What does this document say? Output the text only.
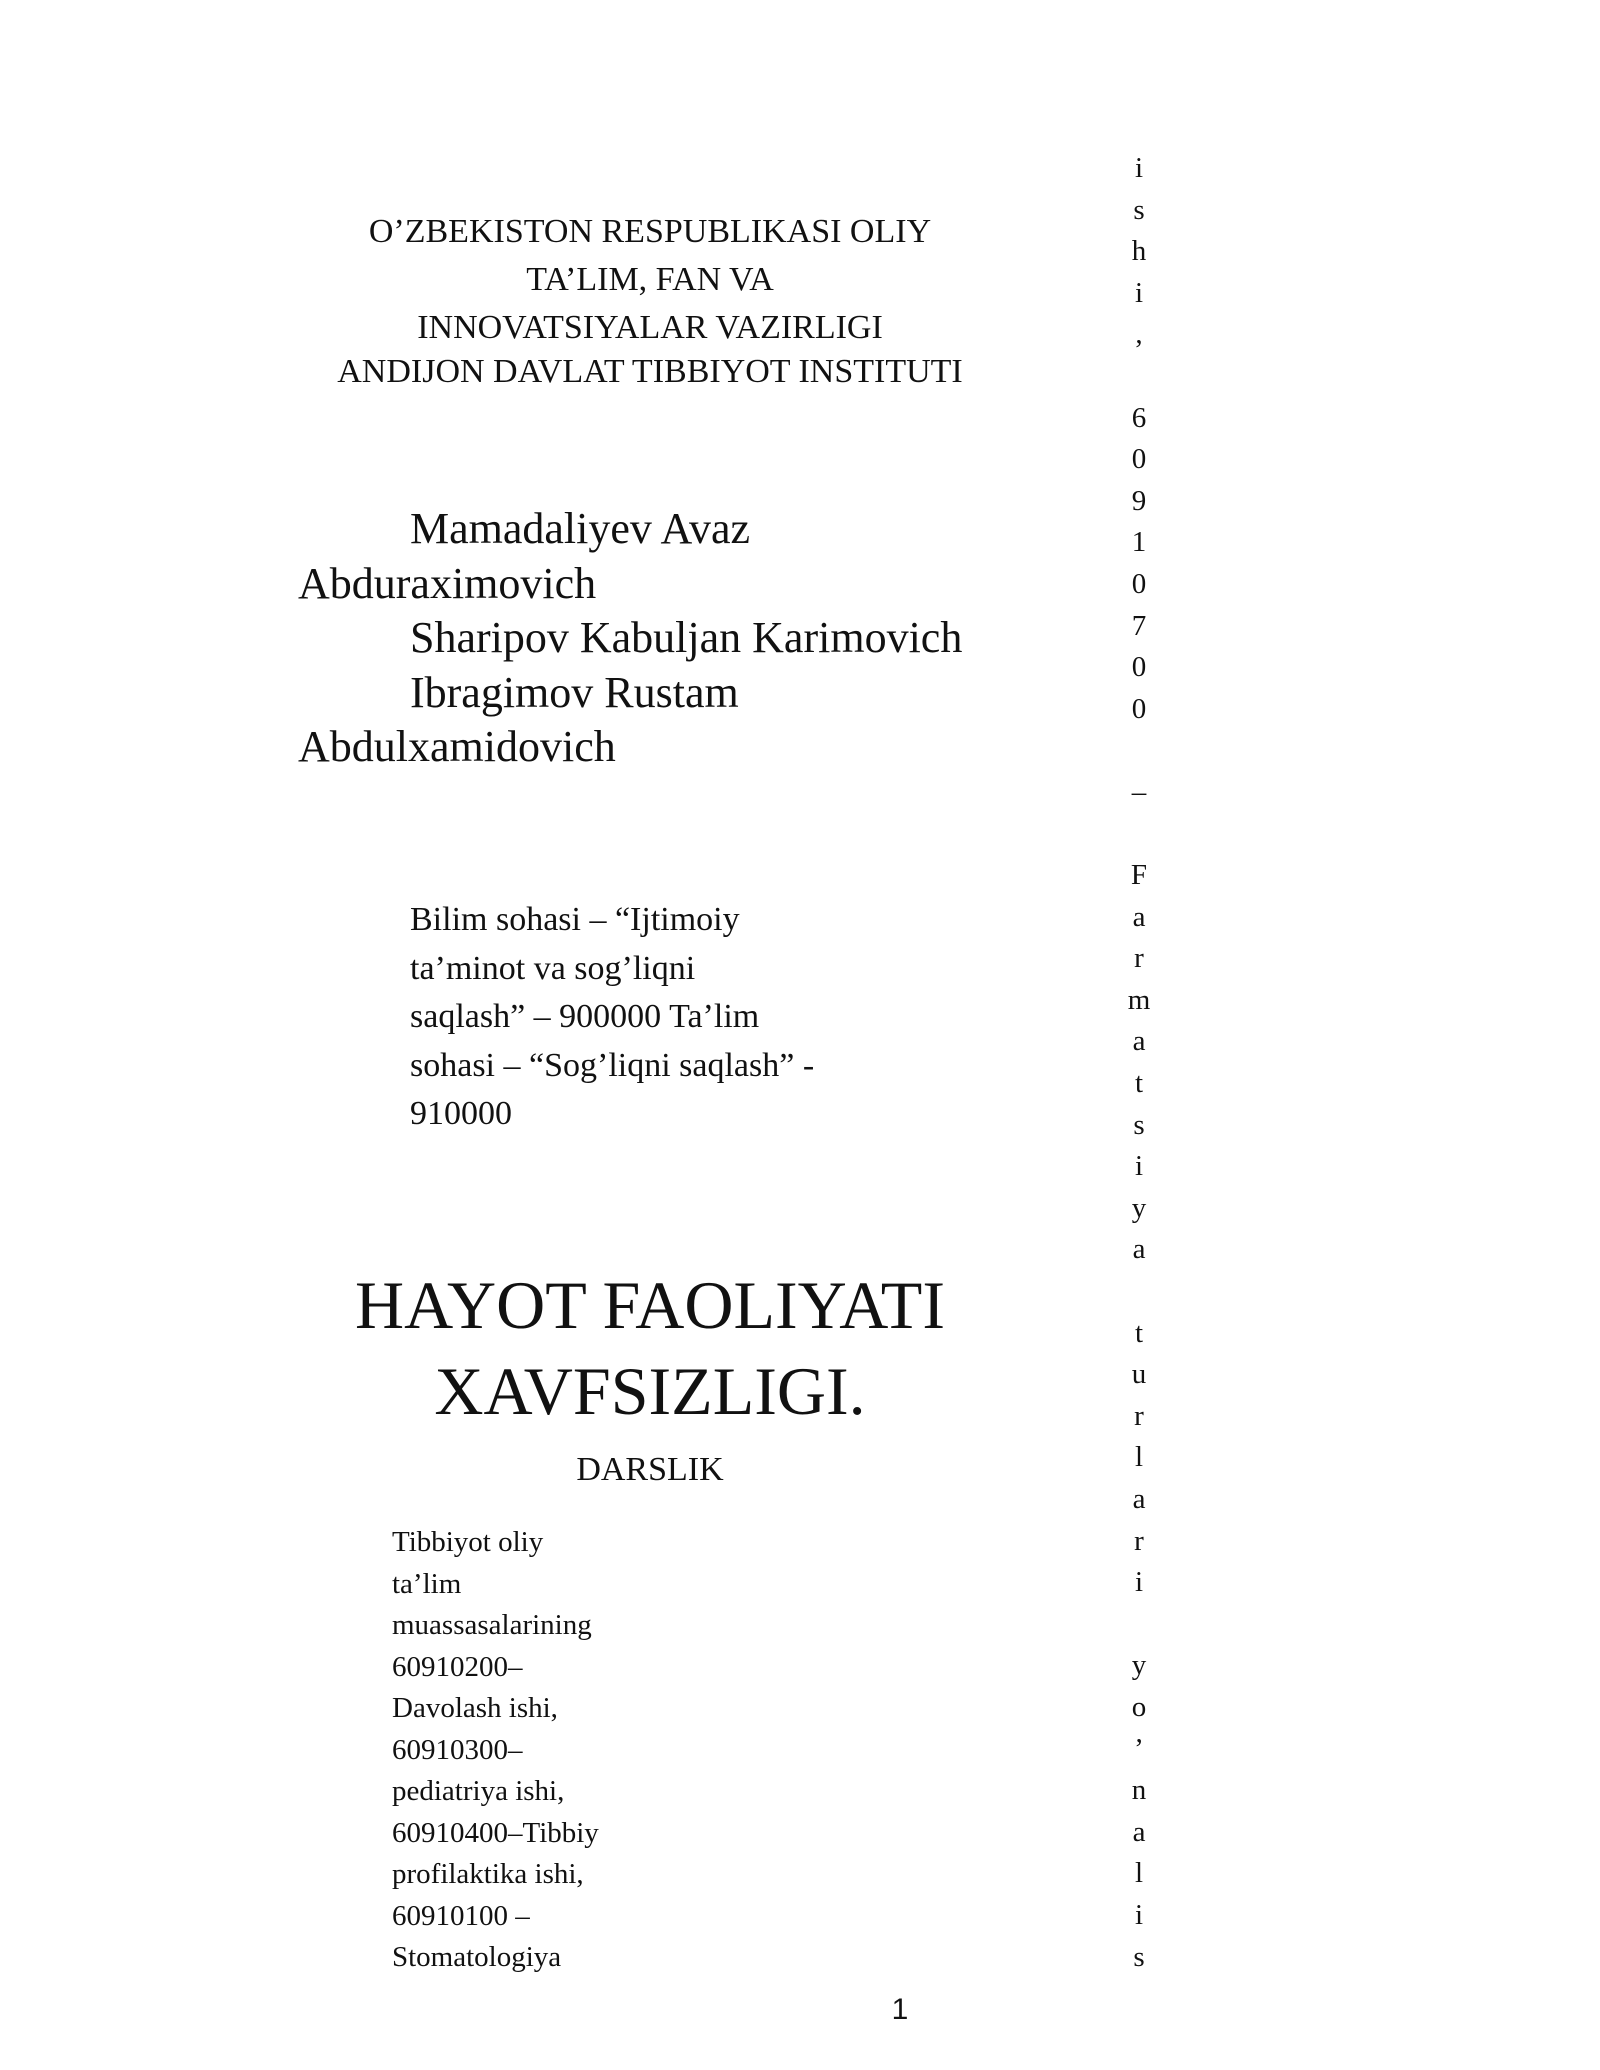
O’ZBEKISTON RESPUBLIKASI OLIY
TA’LIM, FAN VA
INNOVATSIYALAR VAZIRLIGI
ANDIJON DAVLAT TIBBIYOT INSTITUTI
Mamadaliyev Avaz
Abduraximovich
Sharipov Kabuljan Karimovich
Ibragimov Rustam
Abdulxamidovich
Bilim sohasi – “Ijtimoiy
ta’minot va sog’liqni
saqlash” – 900000 Ta’lim
sohasi – “Sog’liqni saqlash” -
910000
HAYOT FAOLIYATI
XAVFSIZLIGI.
DARSLIK
Tibbiyot oliy
ta’lim
muassasalarining
60910200–
Davolash ishi,
60910300–
pediatriya ishi,
60910400–Tibbiy
profilaktika ishi,
60910100 –
Stomatologiya
i
s
h
i
,

6
0
9
1
0
7
0
0

–

F
a
r
m
a
t
s
i
y
a

t
u
r
l
a
r
i

y
o
’
n
a
l
i
s
1
